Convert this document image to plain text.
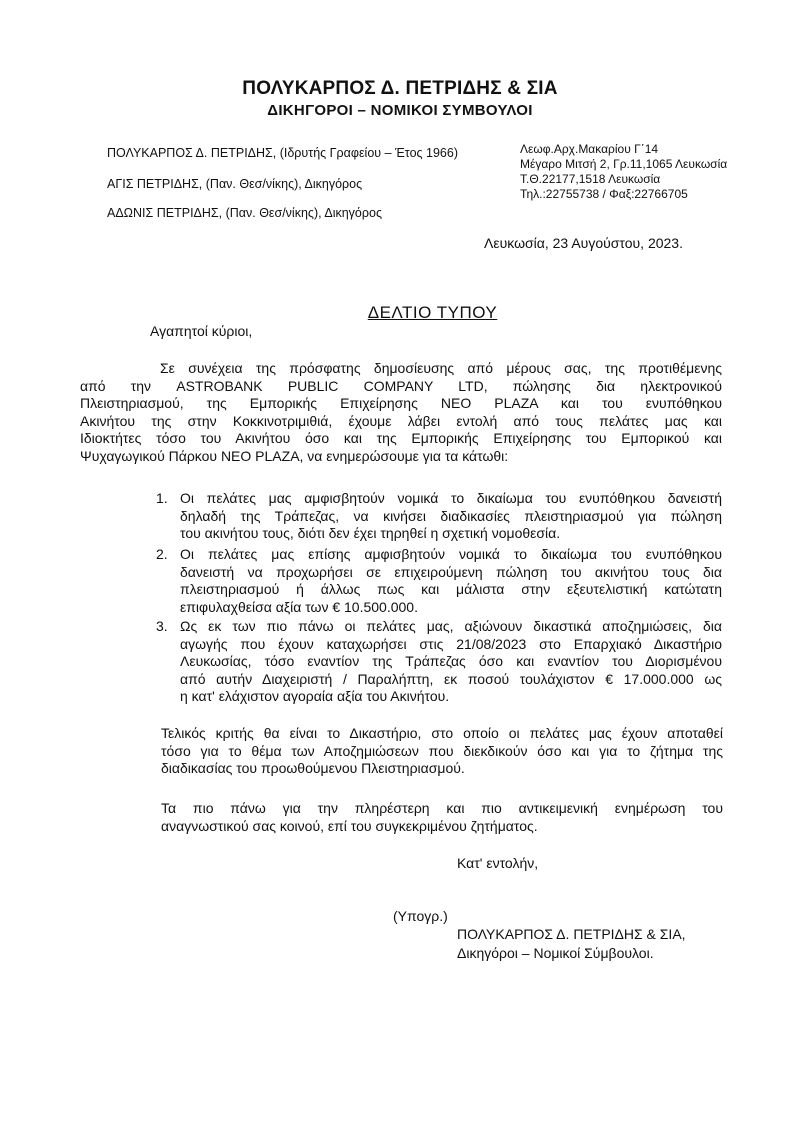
ΠΟΛΥΚΑΡΠΟΣ Δ. ΠΕΤΡΙΔΗΣ & ΣΙΑ
ΔΙΚΗΓΟΡΟΙ – ΝΟΜΙΚΟΙ ΣΥΜΒΟΥΛΟΙ
ΠΟΛΥΚΑΡΠΟΣ Δ. ΠΕΤΡΙΔΗΣ, (Ιδρυτής Γραφείου – Έτος 1966)
ΑΓΙΣ ΠΕΤΡΙΔΗΣ, (Παν. Θεσ/νίκης), Δικηγόρος
ΑΔΩΝΙΣ ΠΕΤΡΙΔΗΣ, (Παν. Θεσ/νίκης), Δικηγόρος
Λεωφ.Αρχ.Μακαρίου Γ΄14
Μέγαρο Μιτσή 2, Γρ.11,1065 Λευκωσία
Τ.Θ.22177,1518 Λευκωσία
Τηλ.:22755738 / Φαξ:22766705
Λευκωσία, 23 Αυγούστου, 2023.
ΔΕΛΤΙΟ ΤΥΠΟΥ
Αγαπητοί κύριοι,
Σε συνέχεια της πρόσφατης δημοσίευσης από μέρους σας, της προτιθέμενης
από την ASTROBANK PUBLIC COMPANY LTD, πώλησης δια ηλεκτρονικού
Πλειστηριασμού, της Εμπορικής Επιχείρησης NEO PLAZA και του ενυπόθηκου
Ακινήτου της στην Κοκκινοτριμιθιά, έχουμε λάβει εντολή από τους πελάτες μας και
Ιδιοκτήτες τόσο του Ακινήτου όσο και της Εμπορικής Επιχείρησης του Εμπορικού και
Ψυχαγωγικού Πάρκου NEO PLAZA, να ενημερώσουμε για τα κάτωθι:
1. Οι πελάτες μας αμφισβητούν νομικά το δικαίωμα του ενυπόθηκου δανειστή
δηλαδή της Τράπεζας, να κινήσει διαδικασίες πλειστηριασμού για πώληση
του ακινήτου τους, διότι δεν έχει τηρηθεί η σχετική νομοθεσία.
2. Οι πελάτες μας επίσης αμφισβητούν νομικά το δικαίωμα του ενυπόθηκου
δανειστή να προχωρήσει σε επιχειρούμενη πώληση του ακινήτου τους δια
πλειστηριασμού ή άλλως πως και μάλιστα στην εξευτελιστική κατώτατη
επιφυλαχθείσα αξία των € 10.500.000.
3. Ως εκ των πιο πάνω οι πελάτες μας, αξιώνουν δικαστικά αποζημιώσεις, δια
αγωγής που έχουν καταχωρήσει στις 21/08/2023 στο Επαρχιακό Δικαστήριο
Λευκωσίας, τόσο εναντίον της Τράπεζας όσο και εναντίον του Διορισμένου
από αυτήν Διαχειριστή / Παραλήπτη, εκ ποσού τουλάχιστον € 17.000.000 ως
η κατ' ελάχιστον αγοραία αξία του Ακινήτου.
Τελικός κριτής θα είναι το Δικαστήριο, στο οποίο οι πελάτες μας έχουν αποταθεί
τόσο για το θέμα των Αποζημιώσεων που διεκδικούν όσο και για το ζήτημα της
διαδικασίας του προωθούμενου Πλειστηριασμού.
Τα πιο πάνω για την πληρέστερη και πιο αντικειμενική ενημέρωση του
αναγνωστικού σας κοινού, επί του συγκεκριμένου ζητήματος.
Κατ' εντολήν,
(Υπογρ.)
ΠΟΛΥΚΑΡΠΟΣ Δ. ΠΕΤΡΙΔΗΣ & ΣΙΑ,
Δικηγόροι – Νομικοί Σύμβουλοι.
